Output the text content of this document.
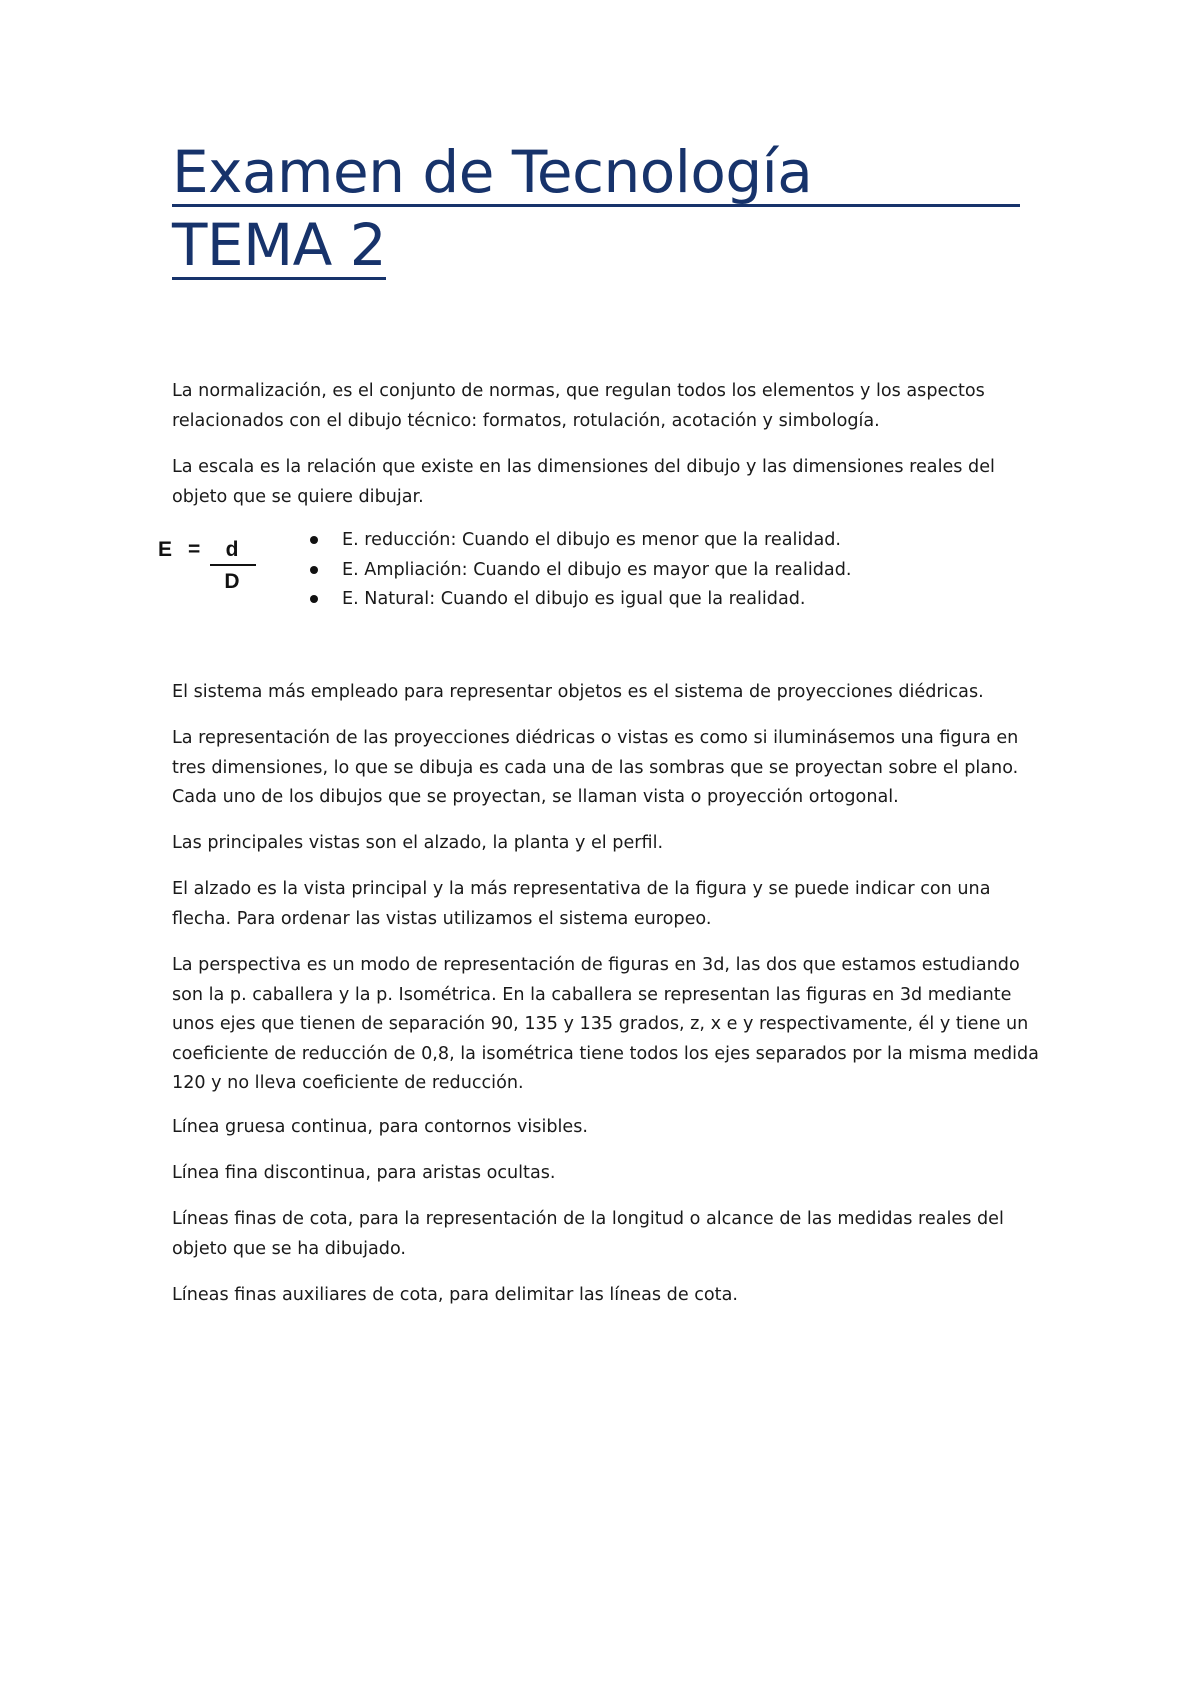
Examen de Tecnología
TEMA 2

La normalización, es el conjunto de normas, que regulan todos los elementos y los aspectos relacionados con el dibujo técnico: formatos, rotulación, acotación y simbología.

La escala es la relación que existe en las dimensiones del dibujo y las dimensiones reales del objeto que se quiere dibujar.

E =	d
D
E. reducción: Cuando el dibujo es menor que la realidad.
E. Ampliación: Cuando el dibujo es mayor que la realidad.
E. Natural: Cuando el dibujo es igual que la realidad.

El sistema más empleado para representar objetos es el sistema de proyecciones diédricas.

La representación de las proyecciones diédricas o vistas es como si iluminásemos una figura en tres dimensiones, lo que se dibuja es cada una de las sombras que se proyectan sobre el plano. Cada uno de los dibujos que se proyectan, se llaman vista o proyección ortogonal.

Las principales vistas son el alzado, la planta y el perfil.

El alzado es la vista principal y la más representativa de la figura y se puede indicar con una flecha. Para ordenar las vistas utilizamos el sistema europeo.

La perspectiva es un modo de representación de figuras en 3d, las dos que estamos estudiando son la p. caballera y la p. Isométrica. En la caballera se representan las figuras en 3d mediante unos ejes que tienen de separación 90, 135 y 135 grados, z, x e y respectivamente, él y tiene un coeficiente de reducción de 0,8, la isométrica tiene todos los ejes separados por la misma medida 120 y no lleva coeficiente de reducción.

Línea gruesa continua, para contornos visibles.

Línea fina discontinua, para aristas ocultas.

Líneas finas de cota, para la representación de la longitud o alcance de las medidas reales del objeto que se ha dibujado.

Líneas finas auxiliares de cota, para delimitar las líneas de cota.
